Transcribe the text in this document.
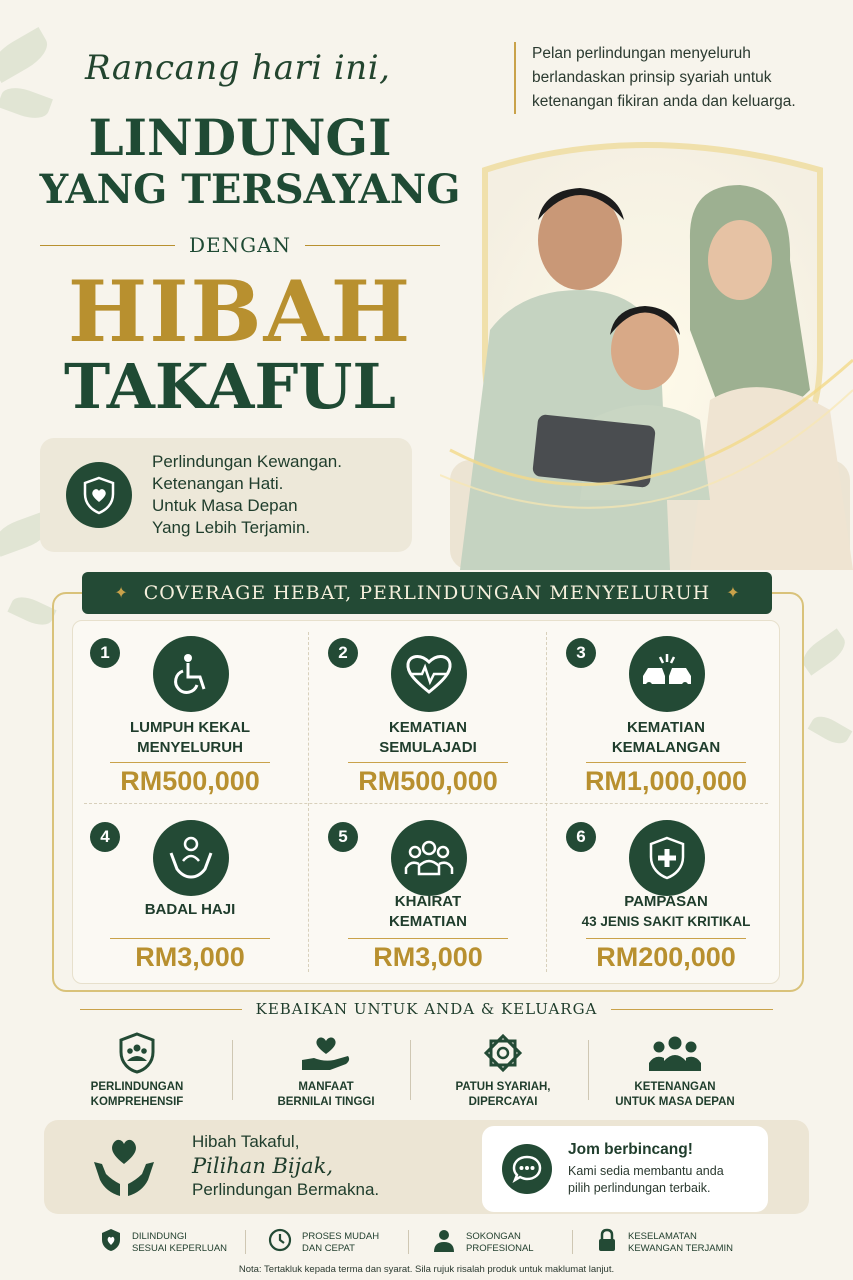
Rancang hari ini,
LINDUNGI
YANG TERSAYANG
DENGAN
HIBAH
TAKAFUL
Pelan perlindungan menyeluruh berlandaskan prinsip syariah untuk ketenangan fikiran anda dan keluarga.
Perlindungan Kewangan.
Ketenangan Hati.
Untuk Masa Depan
Yang Lebih Terjamin.
✦ COVERAGE HEBAT, PERLINDUNGAN MENYELURUH ✦
1
LUMPUH KEKAL
MENYELURUH
RM500,000
2
KEMATIAN
SEMULAJADI
RM500,000
3
KEMATIAN
KEMALANGAN
RM1,000,000
4
BADAL HAJI
RM3,000
5
KHAIRAT
KEMATIAN
RM3,000
6
PAMPASAN
43 JENIS SAKIT KRITIKAL
RM200,000
KEBAIKAN UNTUK ANDA & KELUARGA
PERLINDUNGAN
KOMPREHENSIF
MANFAAT
BERNILAI TINGGI
PATUH SYARIAH,
DIPERCAYAI
KETENANGAN
UNTUK MASA DEPAN
Hibah Takaful,
Pilihan Bijak,
Perlindungan Bermakna.
Jom berbincang!
Kami sedia membantu anda
pilih perlindungan terbaik.
DILINDUNGI
SESUAI KEPERLUAN
PROSES MUDAH
DAN CEPAT
SOKONGAN
PROFESIONAL
KESELAMATAN
KEWANGAN TERJAMIN
Nota: Tertakluk kepada terma dan syarat. Sila rujuk risalah produk untuk maklumat lanjut.
